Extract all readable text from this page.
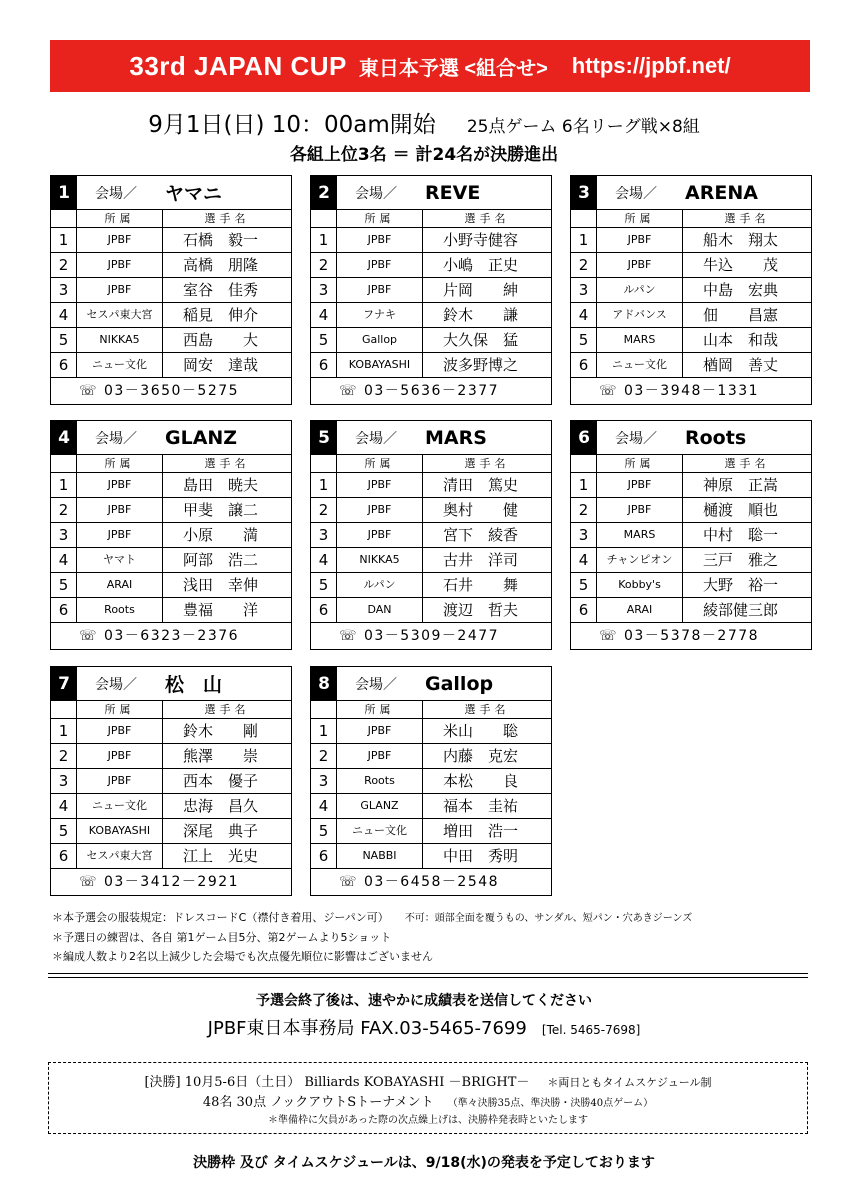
33rd JAPAN CUP 東日本予選 <組合せ> https://jpbf.net/
9月1日(日) 10：00am開始 25点ゲーム 6名リーグ戦×8組
各組上位3名 ＝ 計24名が決勝進出
1	会場／	ヤマニ
所属	選手名
1	JPBF	石橋　毅一
2	JPBF	高橋　朋隆
3	JPBF	室谷　佳秀
4	セスパ東大宮	稲見　伸介
5	NIKKA5	西島　　大
6	ニュー文化	岡安　達哉
☏ 03－3650－5275
2	会場／	REVE
所属	選手名
1	JPBF	小野寺健容
2	JPBF	小嶋　正史
3	JPBF	片岡　　紳
4	フナキ	鈴木　　謙
5	Gallop	大久保　猛
6	KOBAYASHI	波多野博之
☏ 03－5636－2377
3	会場／	ARENA
所属	選手名
1	JPBF	船木　翔太
2	JPBF	牛込　　茂
3	ルパン	中島　宏典
4	アドバンス	佃　　昌憲
5	MARS	山本　和哉
6	ニュー文化	楢岡　善丈
☏ 03－3948－1331
4	会場／	GLANZ
所属	選手名
1	JPBF	島田　暁夫
2	JPBF	甲斐　譲二
3	JPBF	小原　　満
4	ヤマト	阿部　浩二
5	ARAI	浅田　幸伸
6	Roots	豊福　　洋
☏ 03－6323－2376
5	会場／	MARS
所属	選手名
1	JPBF	清田　篤史
2	JPBF	奥村　　健
3	JPBF	宮下　綾香
4	NIKKA5	古井　洋司
5	ルパン	石井　　舞
6	DAN	渡辺　哲夫
☏ 03－5309－2477
6	会場／	Roots
所属	選手名
1	JPBF	神原　正嵩
2	JPBF	樋渡　順也
3	MARS	中村　聡一
4	チャンピオン	三戸　雅之
5	Kobby's	大野　裕一
6	ARAI	綾部健三郎
☏ 03－5378－2778
7	会場／	松　山
所属	選手名
1	JPBF	鈴木　　剛
2	JPBF	熊澤　　崇
3	JPBF	西本　優子
4	ニュー文化	忠海　昌久
5	KOBAYASHI	深尾　典子
6	セスパ東大宮	江上　光史
☏ 03－3412－2921
8	会場／	Gallop
所属	選手名
1	JPBF	米山　　聡
2	JPBF	内藤　克宏
3	Roots	本松　　良
4	GLANZ	福本　圭祐
5	ニュー文化	増田　浩一
6	NABBI	中田　秀明
☏ 03－6458－2548
＊本予選会の服装規定：ドレスコードC（襟付き着用、ジーパン可） 不可：頭部全面を覆うもの、サンダル、短パン・穴あきジーンズ
＊予選日の練習は、各自 第1ゲーム目5分、第2ゲームより5ショット
＊編成人数より2名以上減少した会場でも次点優先順位に影響はございません
予選会終了後は、速やかに成績表を送信してください
JPBF東日本事務局 FAX.03-5465-7699 [Tel. 5465-7698]
[決勝] 10月5-6日（土日） Billiards KOBAYASHI －BRIGHT－ ＊両日ともタイムスケジュール制
48名 30点 ノックアウトSトーナメント （準々決勝35点、準決勝・決勝40点ゲーム）
＊準備枠に欠員があった際の次点繰上げは、決勝枠発表時といたします
決勝枠 及び タイムスケジュールは、9/18(水)の発表を予定しております
